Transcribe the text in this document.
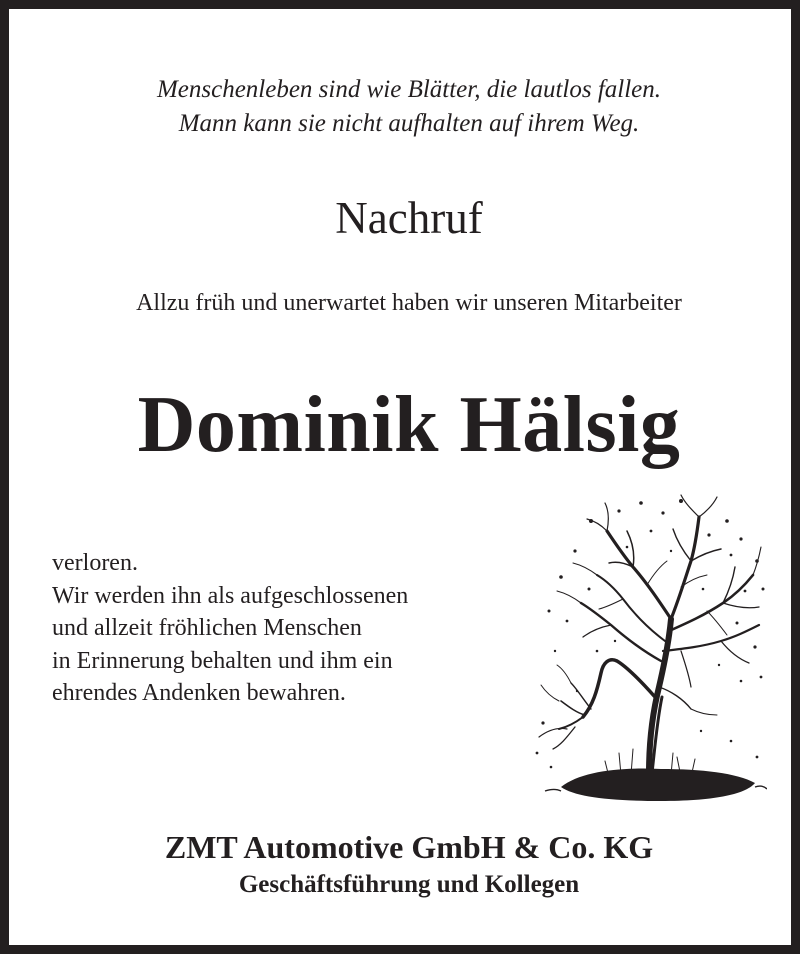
Menschenleben sind wie Blätter, die lautlos fallen.
Mann kann sie nicht aufhalten auf ihrem Weg.
Nachruf
Allzu früh und unerwartet haben wir unseren Mitarbeiter
Dominik Hälsig
verloren.
Wir werden ihn als aufgeschlossenen
und allzeit fröhlichen Menschen
in Erinnerung behalten und ihm ein
ehrendes Andenken bewahren.
ZMT Automotive GmbH & Co. KG
Geschäftsführung und Kollegen
